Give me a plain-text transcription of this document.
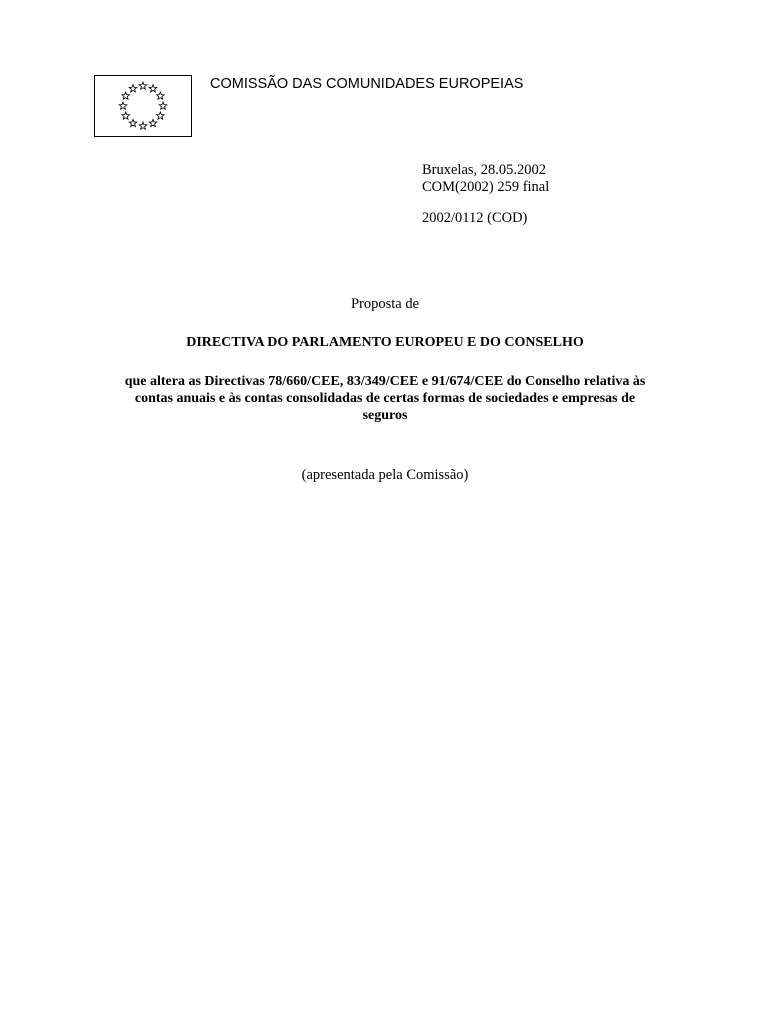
COMISSÃO DAS COMUNIDADES EUROPEIAS
Bruxelas, 28.05.2002
COM(2002) 259 final
2002/0112 (COD)
Proposta de
DIRECTIVA DO PARLAMENTO EUROPEU E DO CONSELHO
que altera as Directivas 78/660/CEE, 83/349/CEE e 91/674/CEE do Conselho relativa às
contas anuais e às contas consolidadas de certas formas de sociedades e empresas de
seguros
(apresentada pela Comissão)
